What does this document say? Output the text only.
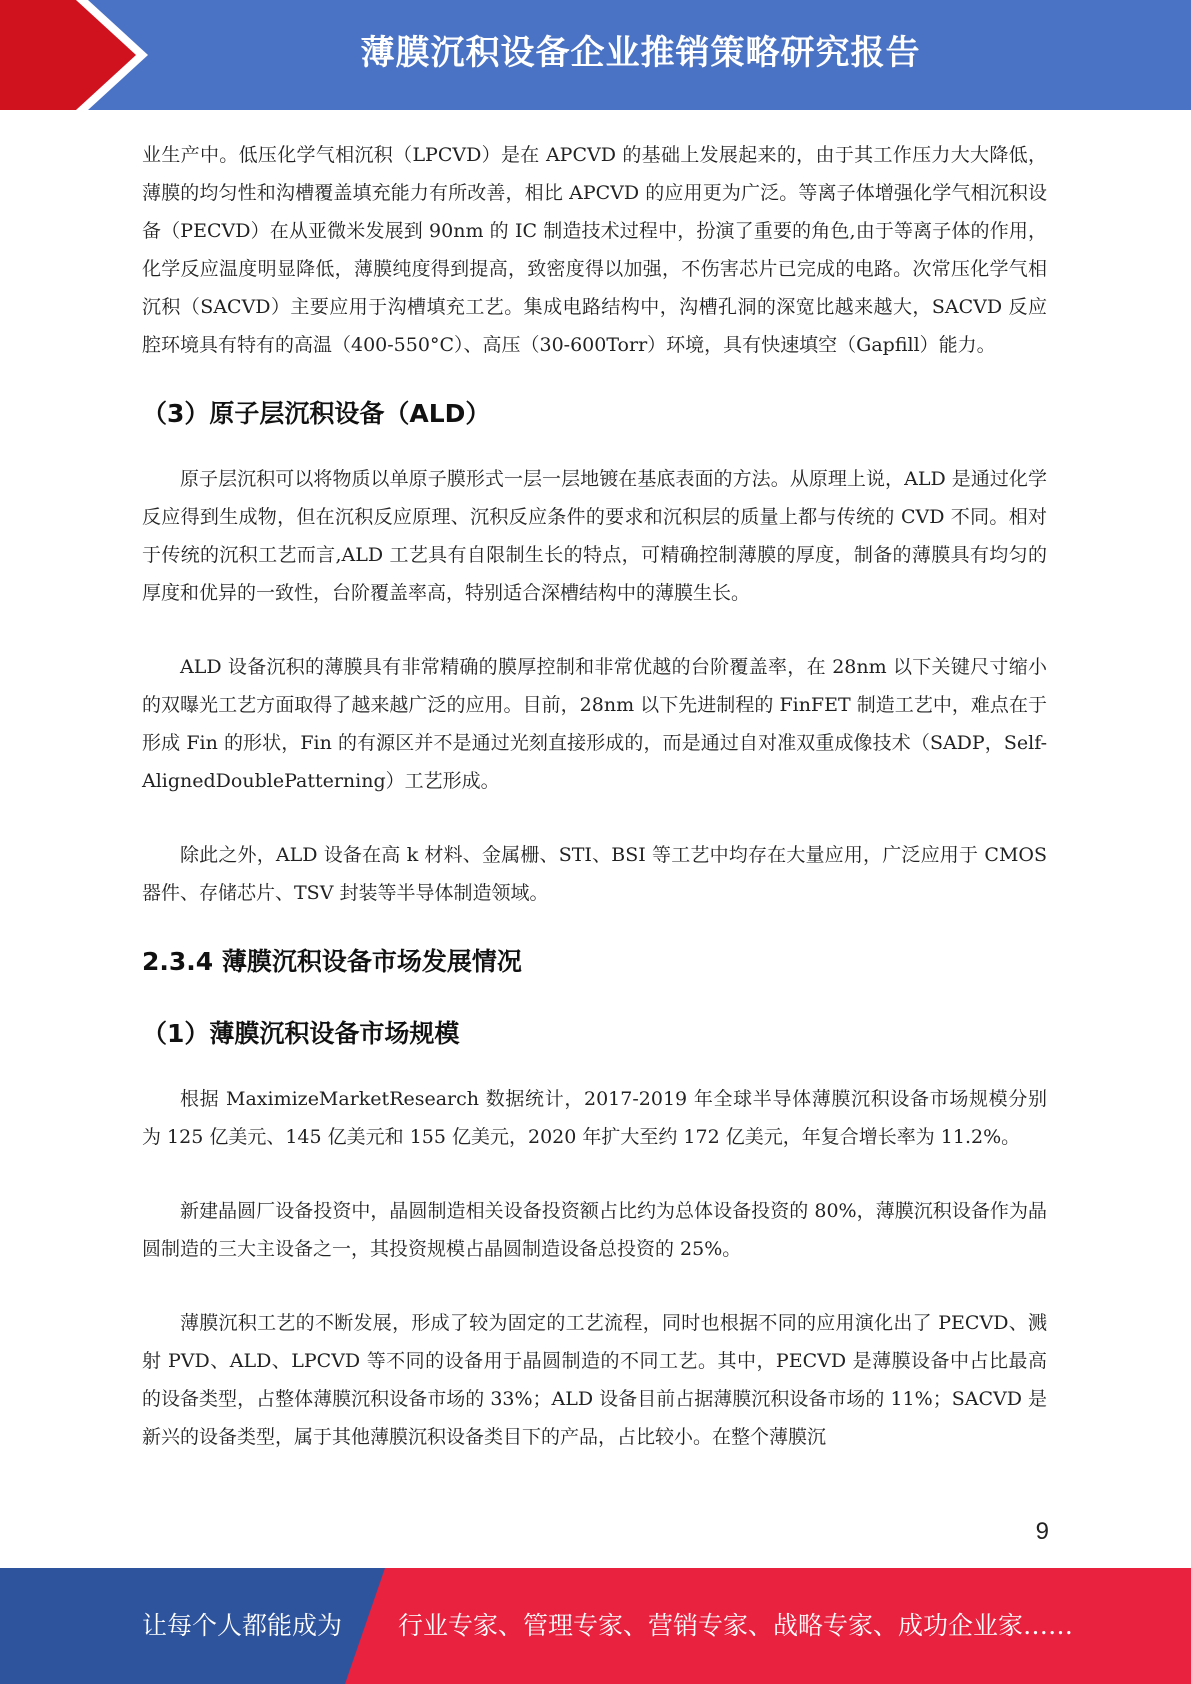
薄膜沉积设备企业推销策略研究报告

业生产中。低压化学气相沉积（LPCVD）是在 APCVD 的基础上发展起来的，由于其工作压力大大降低，薄膜的均匀性和沟槽覆盖填充能力有所改善，相比 APCVD 的应用更为广泛。等离子体增强化学气相沉积设备（PECVD）在从亚微米发展到 90nm 的 IC 制造技术过程中，扮演了重要的角色,由于等离子体的作用，化学反应温度明显降低，薄膜纯度得到提高，致密度得以加强，不伤害芯片已完成的电路。次常压化学气相沉积（SACVD）主要应用于沟槽填充工艺。集成电路结构中，沟槽孔洞的深宽比越来越大，SACVD 反应腔环境具有特有的高温（400-550°C）、高压（30-600Torr）环境，具有快速填空（Gapfill）能力。

（3）原子层沉积设备（ALD）

原子层沉积可以将物质以单原子膜形式一层一层地镀在基底表面的方法。从原理上说，ALD 是通过化学反应得到生成物，但在沉积反应原理、沉积反应条件的要求和沉积层的质量上都与传统的 CVD 不同。相对于传统的沉积工艺而言,ALD 工艺具有自限制生长的特点，可精确控制薄膜的厚度，制备的薄膜具有均匀的厚度和优异的一致性，台阶覆盖率高，特别适合深槽结构中的薄膜生长。

ALD 设备沉积的薄膜具有非常精确的膜厚控制和非常优越的台阶覆盖率，在 28nm 以下关键尺寸缩小的双曝光工艺方面取得了越来越广泛的应用。目前，28nm 以下先进制程的 FinFET 制造工艺中，难点在于形成 Fin 的形状，Fin 的有源区并不是通过光刻直接形成的，而是通过自对准双重成像技术（SADP，Self-AlignedDoublePatterning）工艺形成。

除此之外，ALD 设备在高 k 材料、金属栅、STI、BSI 等工艺中均存在大量应用，广泛应用于 CMOS 器件、存储芯片、TSV 封装等半导体制造领域。

2.3.4 薄膜沉积设备市场发展情况
（1）薄膜沉积设备市场规模

根据 MaximizeMarketResearch 数据统计，2017-2019 年全球半导体薄膜沉积设备市场规模分别为 125 亿美元、145 亿美元和 155 亿美元，2020 年扩大至约 172 亿美元，年复合增长率为 11.2%。

新建晶圆厂设备投资中，晶圆制造相关设备投资额占比约为总体设备投资的 80%，薄膜沉积设备作为晶圆制造的三大主设备之一，其投资规模占晶圆制造设备总投资的 25%。

薄膜沉积工艺的不断发展，形成了较为固定的工艺流程，同时也根据不同的应用演化出了 PECVD、溅射 PVD、ALD、LPCVD 等不同的设备用于晶圆制造的不同工艺。其中，PECVD 是薄膜设备中占比最高的设备类型，占整体薄膜沉积设备市场的 33%；ALD 设备目前占据薄膜沉积设备市场的 11%；SACVD 是新兴的设备类型，属于其他薄膜沉积设备类目下的产品，占比较小。在整个薄膜沉

9
让每个人都能成为 行业专家、管理专家、营销专家、战略专家、成功企业家……
